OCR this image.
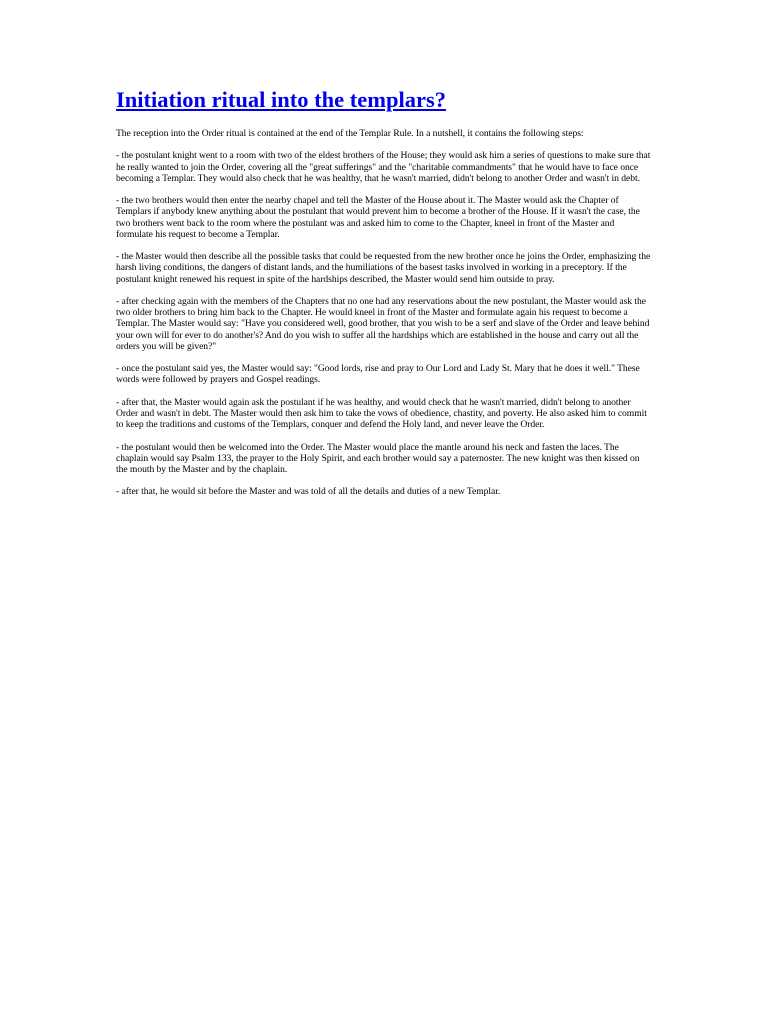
Initiation ritual into the templars?

The reception into the Order ritual is contained at the end of the Templar Rule. In a nutshell, it contains the following steps:

- the postulant knight went to a room with two of the eldest brothers of the House; they would ask him a series of questions to make sure that he really wanted to join the Order, covering all the "great sufferings" and the "charitable commandments" that he would have to face once becoming a Templar. They would also check that he was healthy, that he wasn't married, didn't belong to another Order and wasn't in debt.

- the two brothers would then enter the nearby chapel and tell the Master of the House about it. The Master would ask the Chapter of Templars if anybody knew anything about the postulant that would prevent him to become a brother of the House. If it wasn't the case, the two brothers went back to the room where the postulant was and asked him to come to the Chapter, kneel in front of the Master and formulate his request to become a Templar.

- the Master would then describe all the possible tasks that could be requested from the new brother once he joins the Order, emphasizing the harsh living conditions, the dangers of distant lands, and the humiliations of the basest tasks involved in working in a preceptory. If the postulant knight renewed his request in spite of the hardships described, the Master would send him outside to pray.

- after checking again with the members of the Chapters that no one had any reservations about the new postulant, the Master would ask the two older brothers to bring him back to the Chapter. He would kneel in front of the Master and formulate again his request to become a Templar. The Master would say: "Have you considered well, good brother, that you wish to be a serf and slave of the Order and leave behind your own will for ever to do another's? And do you wish to suffer all the hardships which are established in the house and carry out all the orders you will be given?"

- once the postulant said yes, the Master would say: "Good lords, rise and pray to Our Lord and Lady St. Mary that he does it well." These words were followed by prayers and Gospel readings.

- after that, the Master would again ask the postulant if he was healthy, and would check that he wasn't married, didn't belong to another Order and wasn't in debt. The Master would then ask him to take the vows of obedience, chastity, and poverty. He also asked him to commit to keep the traditions and customs of the Templars, conquer and defend the Holy land, and never leave the Order.

- the postulant would then be welcomed into the Order. The Master would place the mantle around his neck and fasten the laces. The chaplain would say Psalm 133, the prayer to the Holy Spirit, and each brother would say a paternoster. The new knight was then kissed on the mouth by the Master and by the chaplain.

- after that, he would sit before the Master and was told of all the details and duties of a new Templar.
